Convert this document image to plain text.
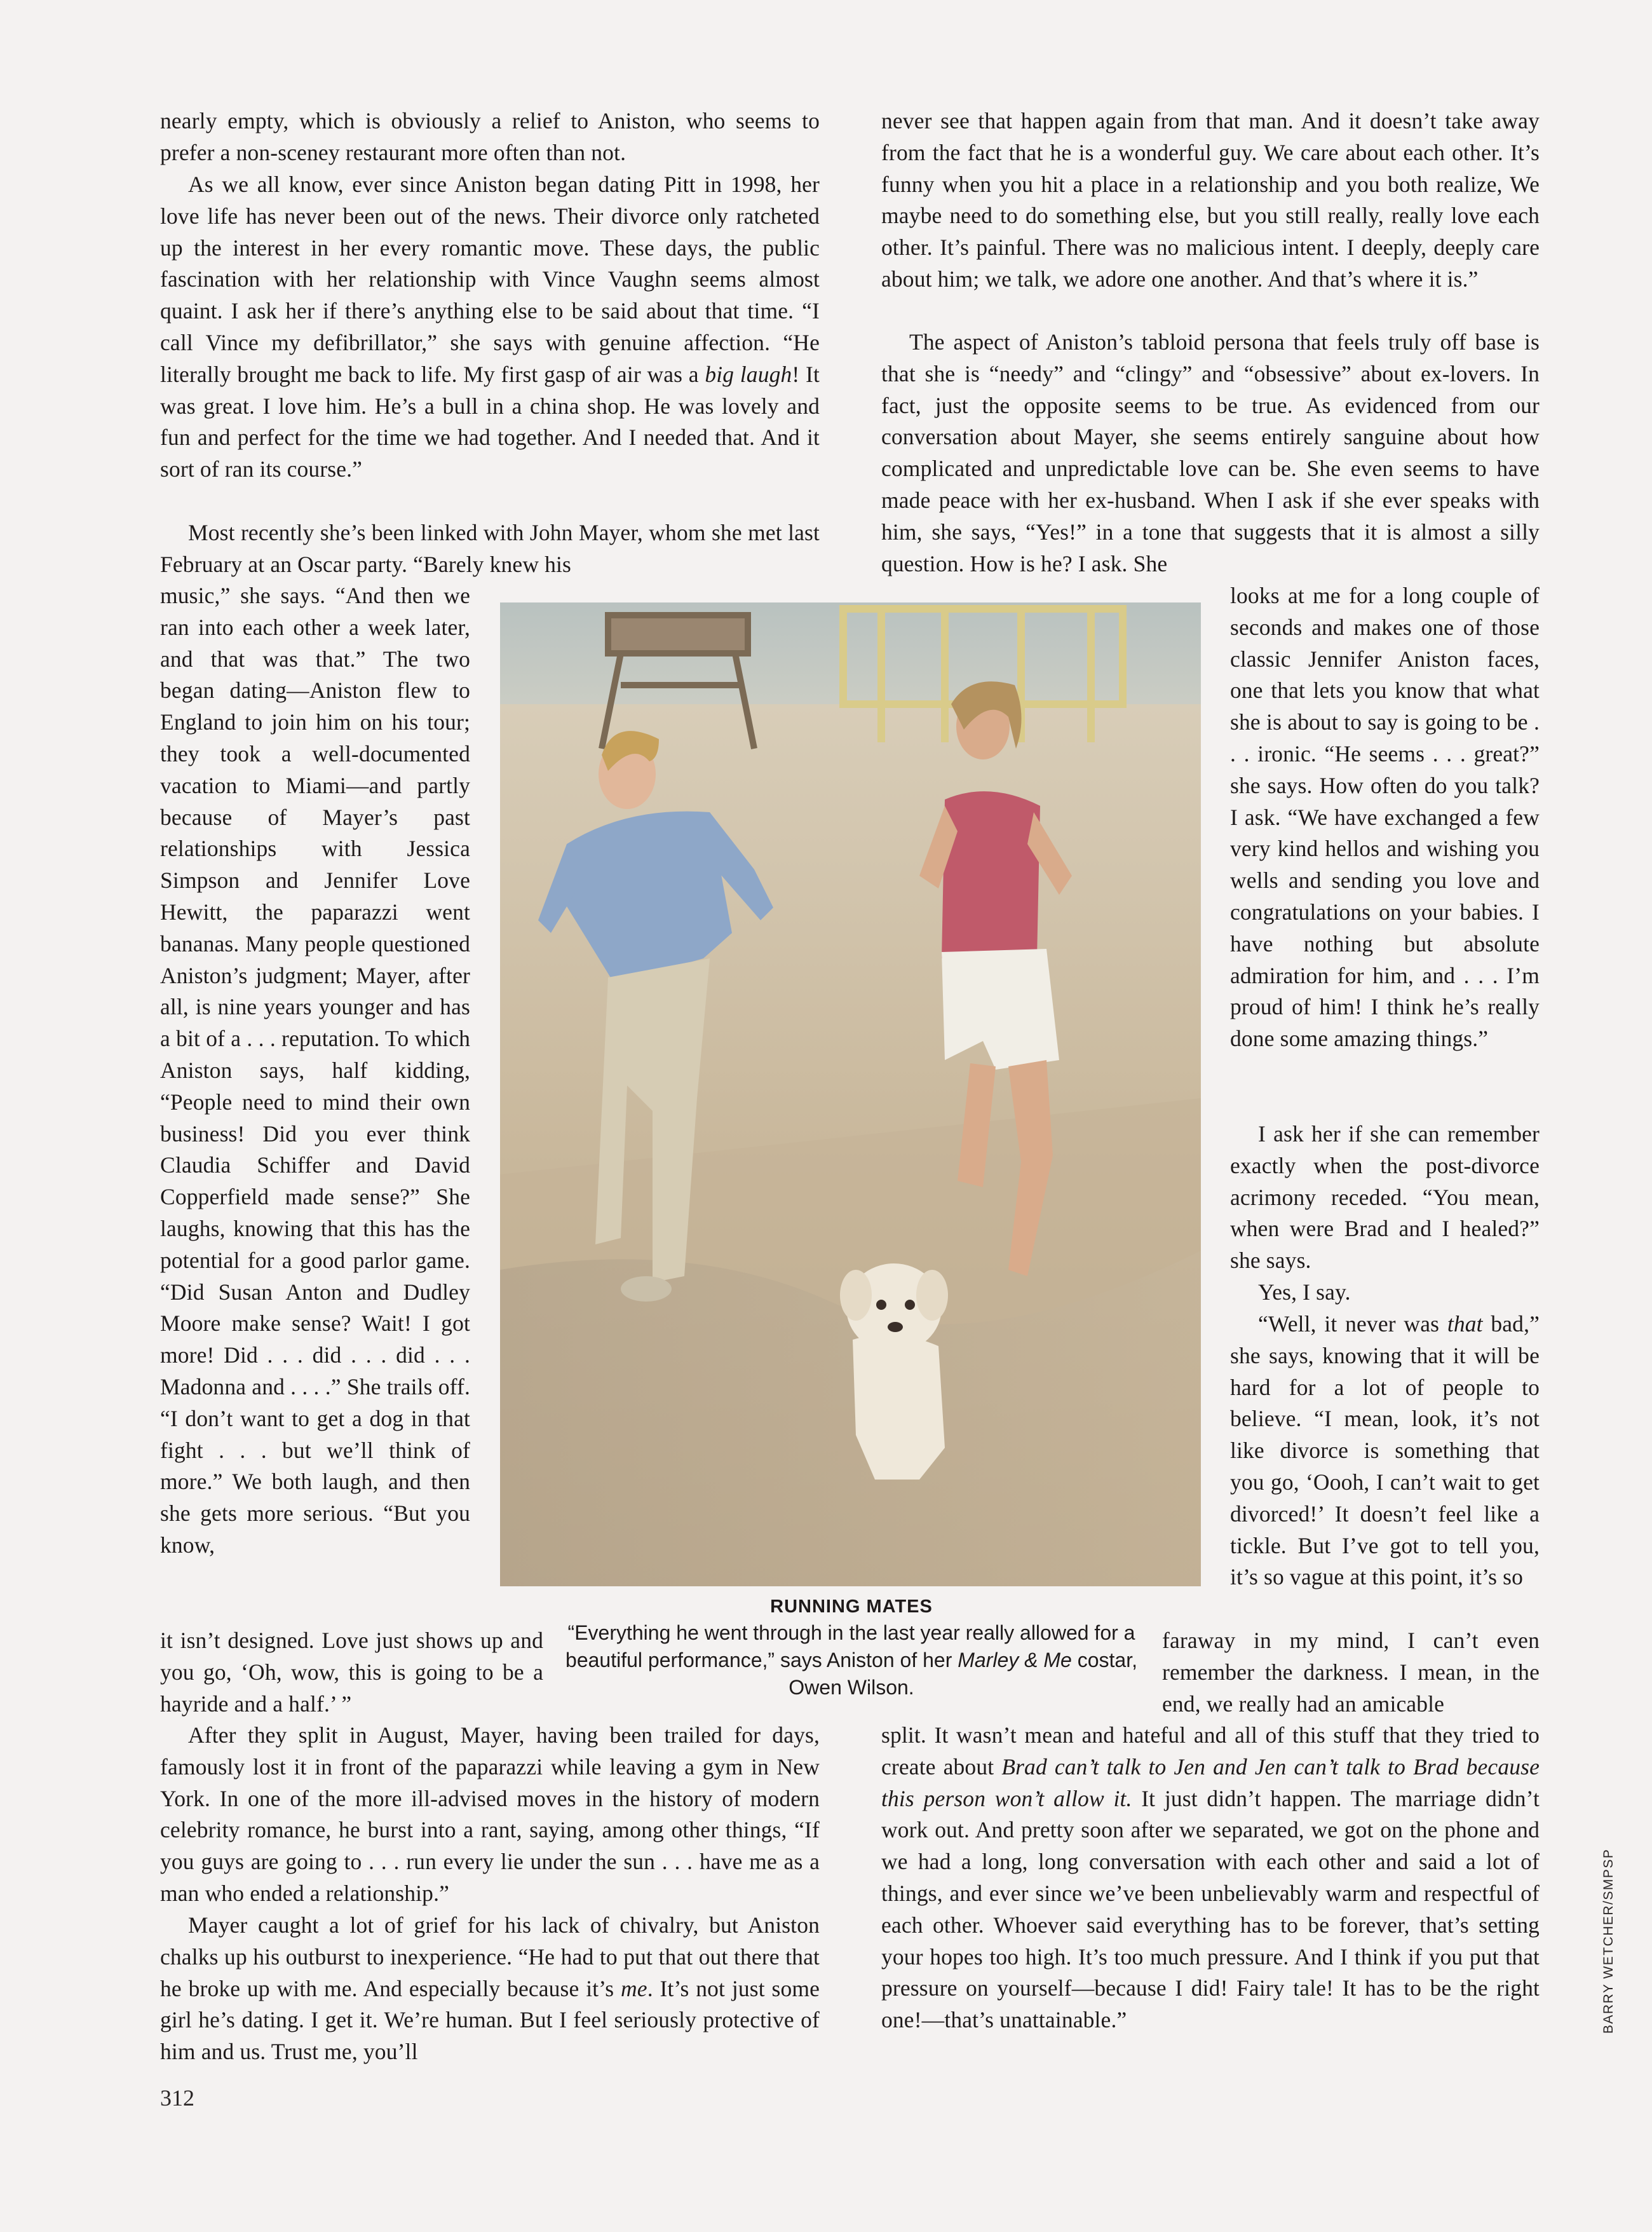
nearly empty, which is obviously a relief to Aniston, who seems to prefer a non-sceney restaurant more often than not.

As we all know, ever since Aniston began dating Pitt in 1998, her love life has never been out of the news. Their divorce only ratcheted up the interest in her every romantic move. These days, the public fascination with her relationship with Vince Vaughn seems almost quaint. I ask her if there’s anything else to be said about that time. “I call Vince my defibrillator,” she says with genuine affection. “He literally brought me back to life. My first gasp of air was a big laugh! It was great. I love him. He’s a bull in a china shop. He was lovely and fun and perfect for the time we had together. And I needed that. And it sort of ran its course.”

Most recently she’s been linked with John Mayer, whom she met last February at an Oscar party. “Barely knew his

music,” she says. “And then we ran into each other a week later, and that was that.” The two began dating—Aniston flew to England to join him on his tour; they took a well-documented vacation to Miami—and partly because of Mayer’s past relationships with Jessica Simpson and Jennifer Love Hewitt, the paparazzi went bananas. Many people questioned Aniston’s judgment; Mayer, after all, is nine years younger and has a bit of a . . . reputation. To which Aniston says, half kidding, “People need to mind their own business! Did you ever think Claudia Schiffer and David Copperfield made sense?” She laughs, knowing that this has the potential for a good parlor game. “Did Susan Anton and Dudley Moore make sense? Wait! I got more! Did . . . did . . . did . . . Madonna and . . . .” She trails off. “I don’t want to get a dog in that fight . . . but we’ll think of more.” We both laugh, and then she gets more serious. “But you know,

it isn’t designed. Love just shows up and you go, ‘Oh, wow, this is going to be a hayride and a half.’ ”

After they split in August, Mayer, having been trailed for days, famously lost it in front of the paparazzi while leaving a gym in New York. In one of the more ill-advised moves in the history of modern celebrity romance, he burst into a rant, saying, among other things, “If you guys are going to . . . run every lie under the sun . . . have me as a man who ended a relationship.”

Mayer caught a lot of grief for his lack of chivalry, but Aniston chalks up his outburst to inexperience. “He had to put that out there that he broke up with me. And especially because it’s me. It’s not just some girl he’s dating. I get it. We’re human. But I feel seriously protective of him and us. Trust me, you’ll

never see that happen again from that man. And it doesn’t take away from the fact that he is a wonderful guy. We care about each other. It’s funny when you hit a place in a relationship and you both realize, We maybe need to do something else, but you still really, really love each other. It’s painful. There was no malicious intent. I deeply, deeply care about him; we talk, we adore one another. And that’s where it is.”

The aspect of Aniston’s tabloid persona that feels truly off base is that she is “needy” and “clingy” and “obsessive” about ex-lovers. In fact, just the opposite seems to be true. As evidenced from our conversation about Mayer, she seems entirely sanguine about how complicated and unpredictable love can be. She even seems to have made peace with her ex-husband. When I ask if she ever speaks with him, she says, “Yes!” in a tone that suggests that it is almost a silly question. How is he? I ask. She

looks at me for a long couple of seconds and makes one of those classic Jennifer Aniston faces, one that lets you know that what she is about to say is going to be . . . ironic. “He seems . . . great?” she says. How often do you talk? I ask. “We have exchanged a few very kind hellos and wishing you wells and sending you love and congratulations on your babies. I have nothing but absolute admiration for him, and . . . I’m proud of him! I think he’s really done some amazing things.”

I ask her if she can remember exactly when the post-divorce acrimony receded. “You mean, when were Brad and I healed?” she says.

Yes, I say.

“Well, it never was that bad,” she says, knowing that it will be hard for a lot of people to believe. “I mean, look, it’s not like divorce is something that you go, ‘Oooh, I can’t wait to get divorced!’ It doesn’t feel like a tickle. But I’ve got to tell you, it’s so vague at this point, it’s so

faraway in my mind, I can’t even remember the darkness. I mean, in the end, we really had an amicable

split. It wasn’t mean and hateful and all of this stuff that they tried to create about Brad can’t talk to Jen and Jen can’t talk to Brad because this person won’t allow it. It just didn’t happen. The marriage didn’t work out. And pretty soon after we separated, we got on the phone and we had a long, long conversation with each other and said a lot of things, and ever since we’ve been unbelievably warm and respectful of each other. Whoever said everything has to be forever, that’s setting your hopes too high. It’s too much pressure. And I think if you put that pressure on yourself—because I did! Fairy tale! It has to be the right one!—that’s unattainable.”

RUNNING MATES
“Everything he went through in the last year really allowed for a beautiful performance,” says Aniston of her Marley & Me costar, Owen Wilson.
BARRY WETCHER/SMPSP
312
